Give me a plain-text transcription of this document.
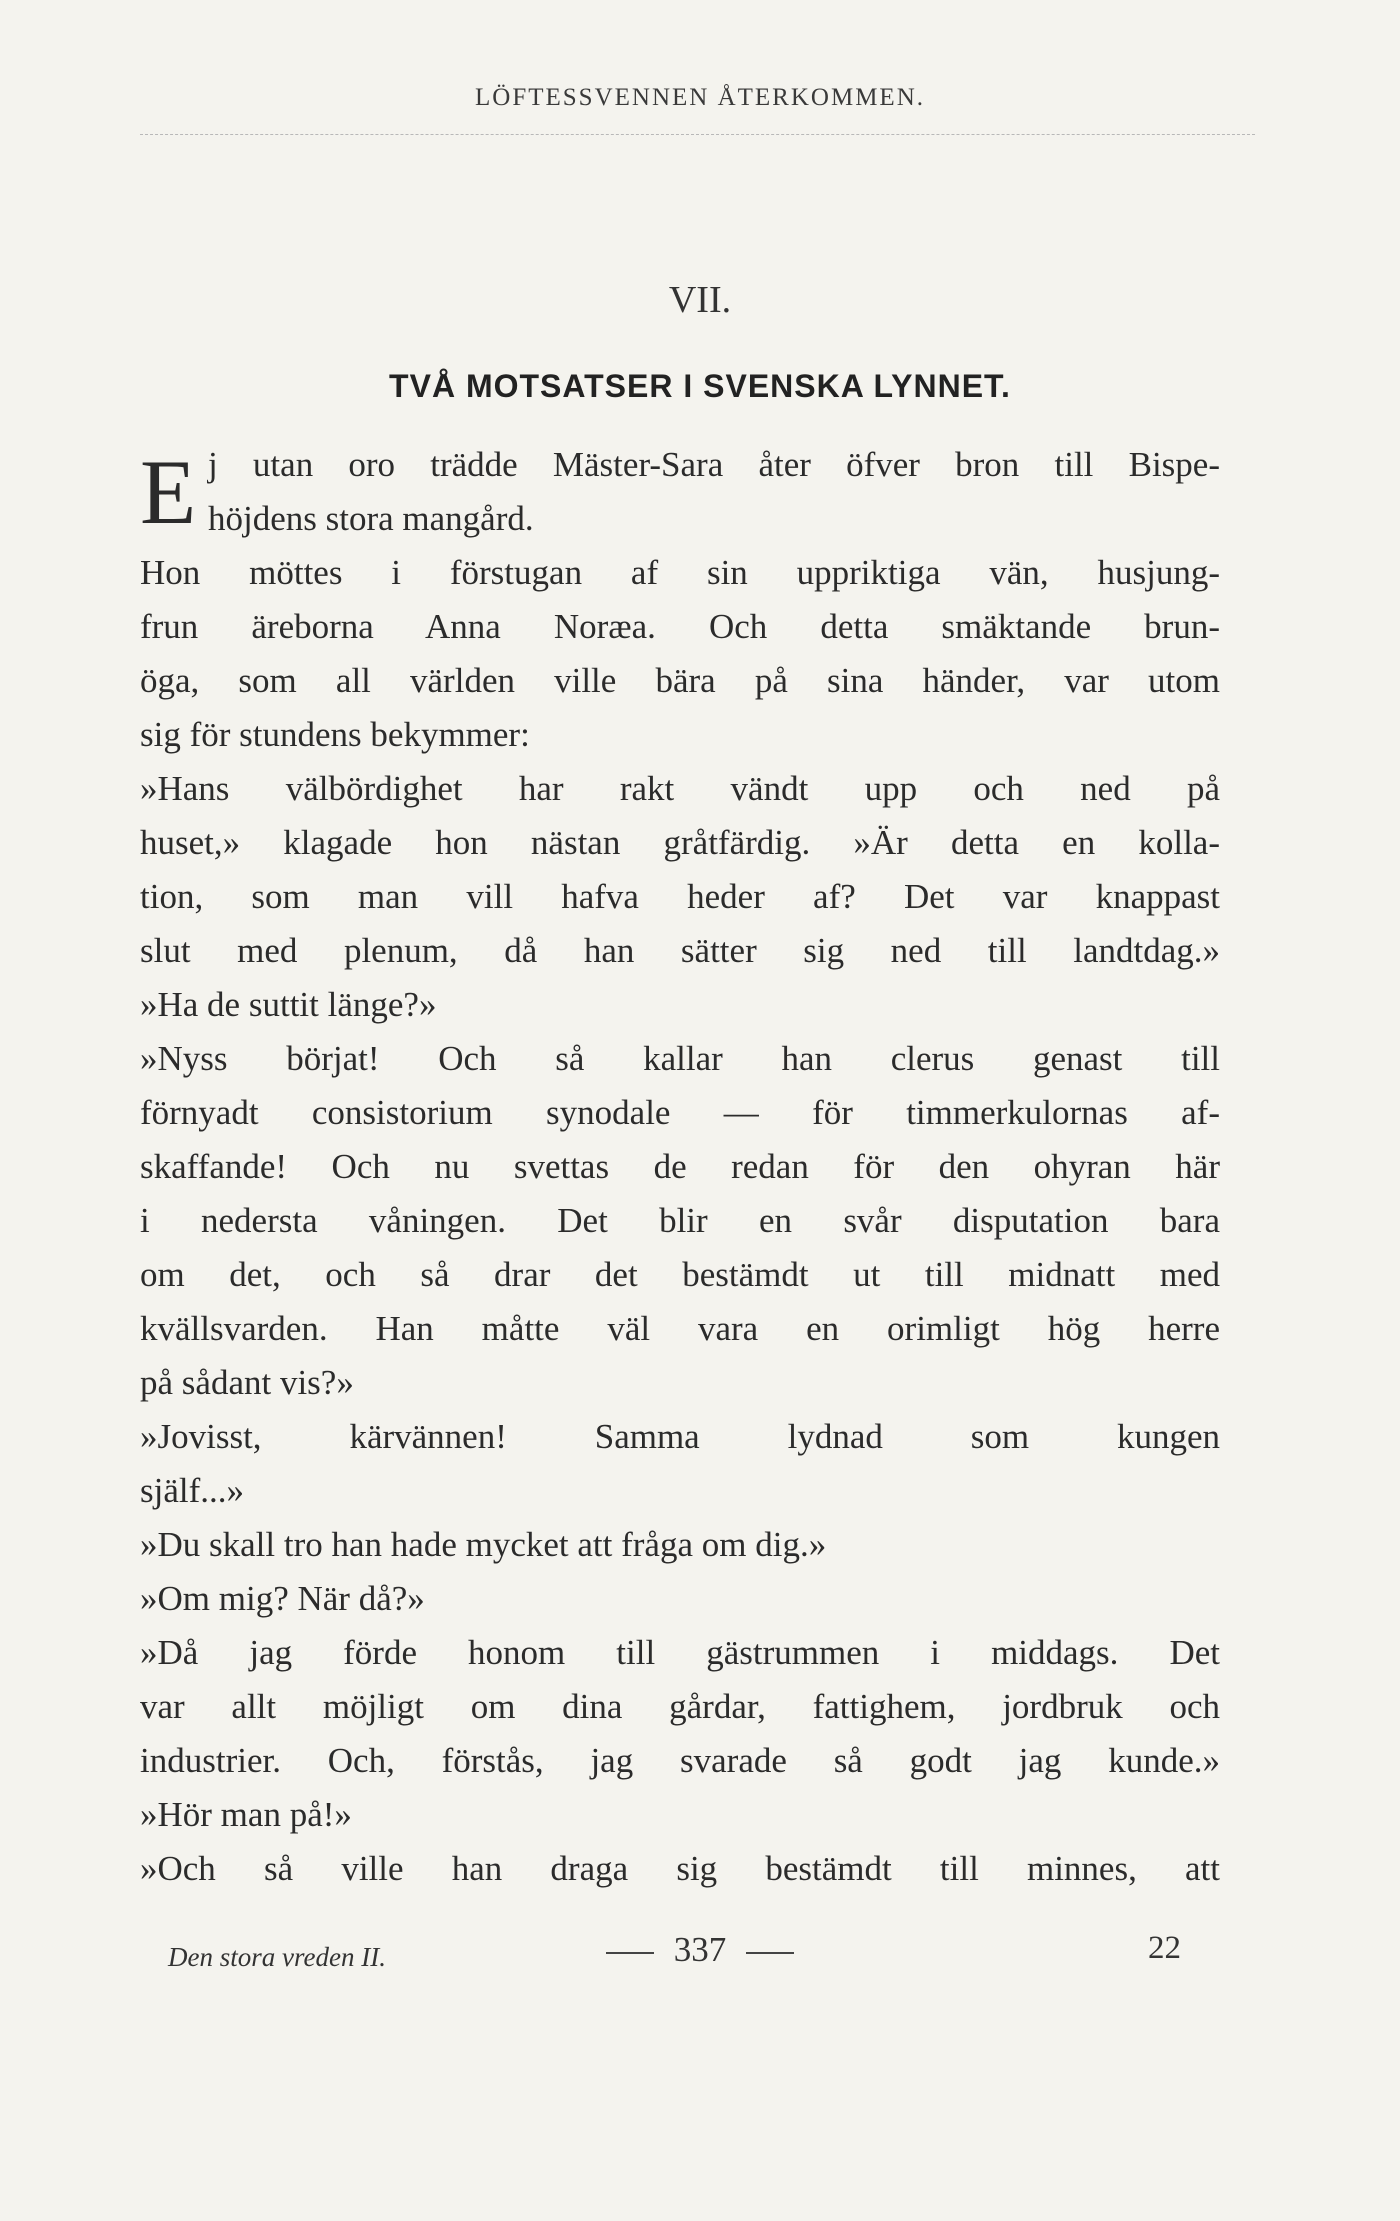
LÖFTESSVENNEN ÅTERKOMMEN.
VII.
TVÅ MOTSATSER I SVENSKA LYNNET.
E j utan oro trädde Mäster-Sara åter öfver bron till Bispe-
höjdens stora mangård.
Hon möttes i förstugan af sin uppriktiga vän, husjung-
frun äreborna Anna Noræa. Och detta smäktande brun-
öga, som all världen ville bära på sina händer, var utom
sig för stundens bekymmer:
»Hans välbördighet har rakt vändt upp och ned på
huset,» klagade hon nästan gråtfärdig. »Är detta en kolla-
tion, som man vill hafva heder af? Det var knappast
slut med plenum, då han sätter sig ned till landtdag.»
»Ha de suttit länge?»
»Nyss börjat! Och så kallar han clerus genast till
förnyadt consistorium synodale — för timmerkulornas af-
skaffande! Och nu svettas de redan för den ohyran här
i nedersta våningen. Det blir en svår disputation bara
om det, och så drar det bestämdt ut till midnatt med
kvällsvarden. Han måtte väl vara en orimligt hög herre
på sådant vis?»
»Jovisst, kärvännen! Samma lydnad som kungen
själf...»
»Du skall tro han hade mycket att fråga om dig.»
»Om mig? När då?»
»Då jag förde honom till gästrummen i middags. Det
var allt möjligt om dina gårdar, fattighem, jordbruk och
industrier. Och, förstås, jag svarade så godt jag kunde.»
»Hör man på!»
»Och så ville han draga sig bestämdt till minnes, att
Den stora vreden II.	337	22
